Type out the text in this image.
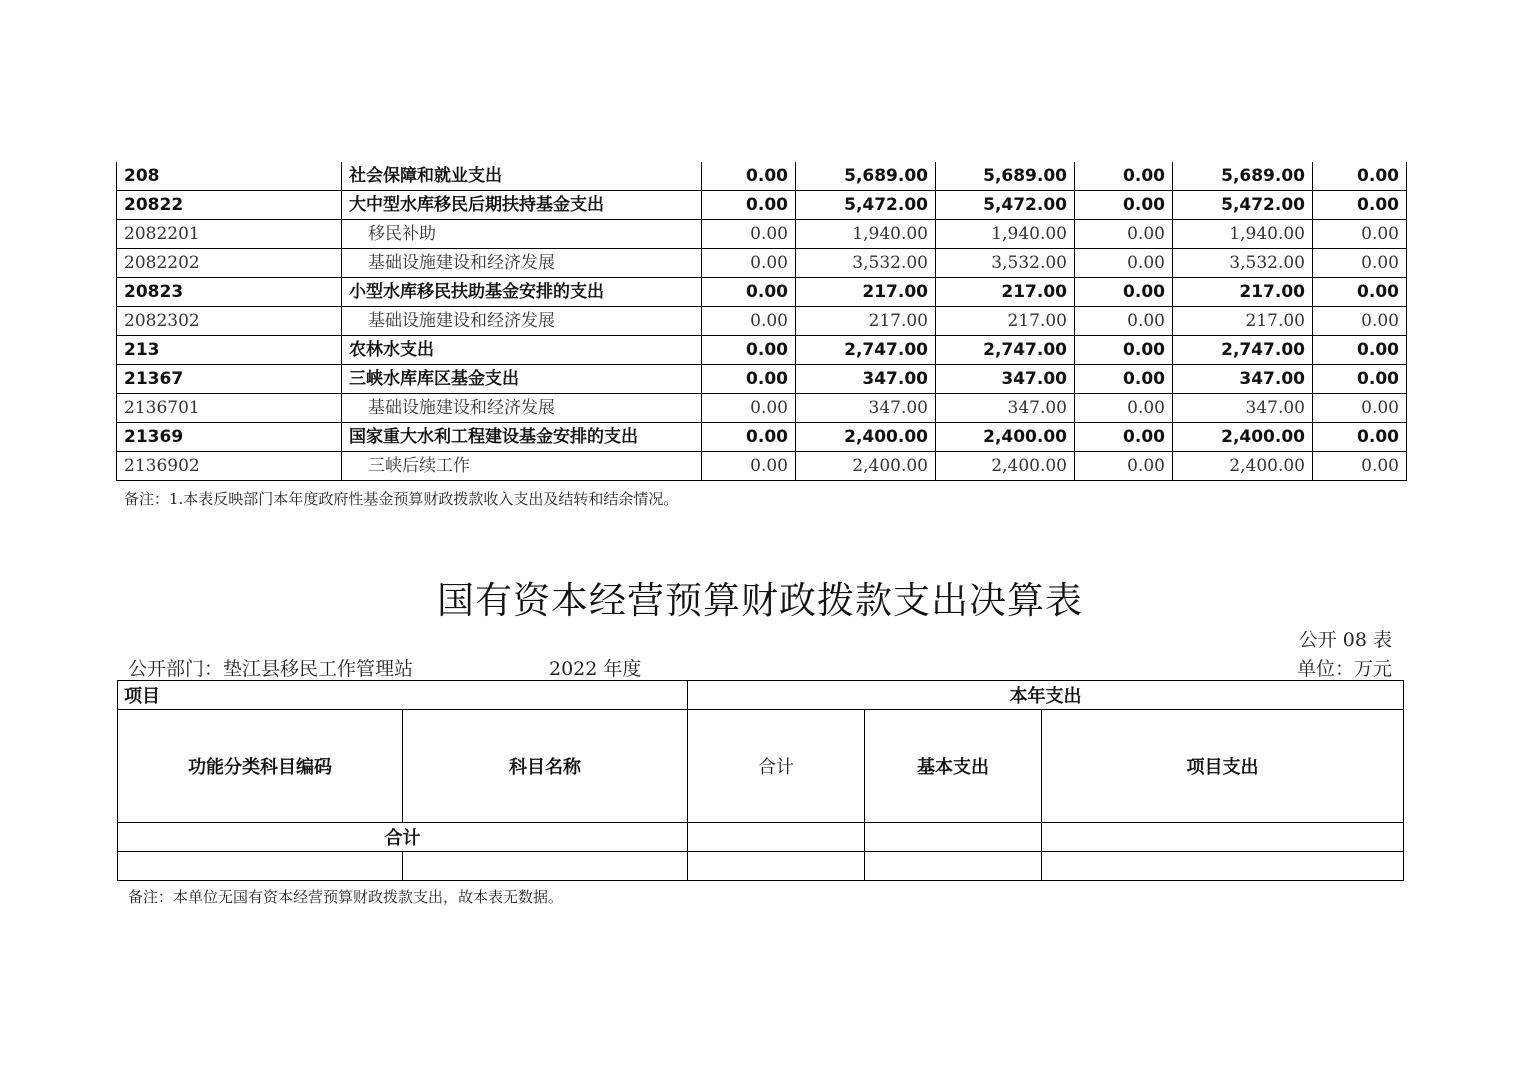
208	社会保障和就业支出	0.00	5,689.00	5,689.00	0.00	5,689.00	0.00
20822	大中型水库移民后期扶持基金支出	0.00	5,472.00	5,472.00	0.00	5,472.00	0.00
2082201	移民补助	0.00	1,940.00	1,940.00	0.00	1,940.00	0.00
2082202	基础设施建设和经济发展	0.00	3,532.00	3,532.00	0.00	3,532.00	0.00
20823	小型水库移民扶助基金安排的支出	0.00	217.00	217.00	0.00	217.00	0.00
2082302	基础设施建设和经济发展	0.00	217.00	217.00	0.00	217.00	0.00
213	农林水支出	0.00	2,747.00	2,747.00	0.00	2,747.00	0.00
21367	三峡水库库区基金支出	0.00	347.00	347.00	0.00	347.00	0.00
2136701	基础设施建设和经济发展	0.00	347.00	347.00	0.00	347.00	0.00
21369	国家重大水利工程建设基金安排的支出	0.00	2,400.00	2,400.00	0.00	2,400.00	0.00
2136902	三峡后续工作	0.00	2,400.00	2,400.00	0.00	2,400.00	0.00
备注：1.本表反映部门本年度政府性基金预算财政拨款收入支出及结转和结余情况。
国有资本经营预算财政拨款支出决算表
公开 08 表
公开部门：垫江县移民工作管理站	2022 年度	单位：万元
项目		本年支出		
功能分类科目编码	科目名称	合计	基本支出	项目支出
合计				

备注：本单位无国有资本经营预算财政拨款支出，故本表无数据。
